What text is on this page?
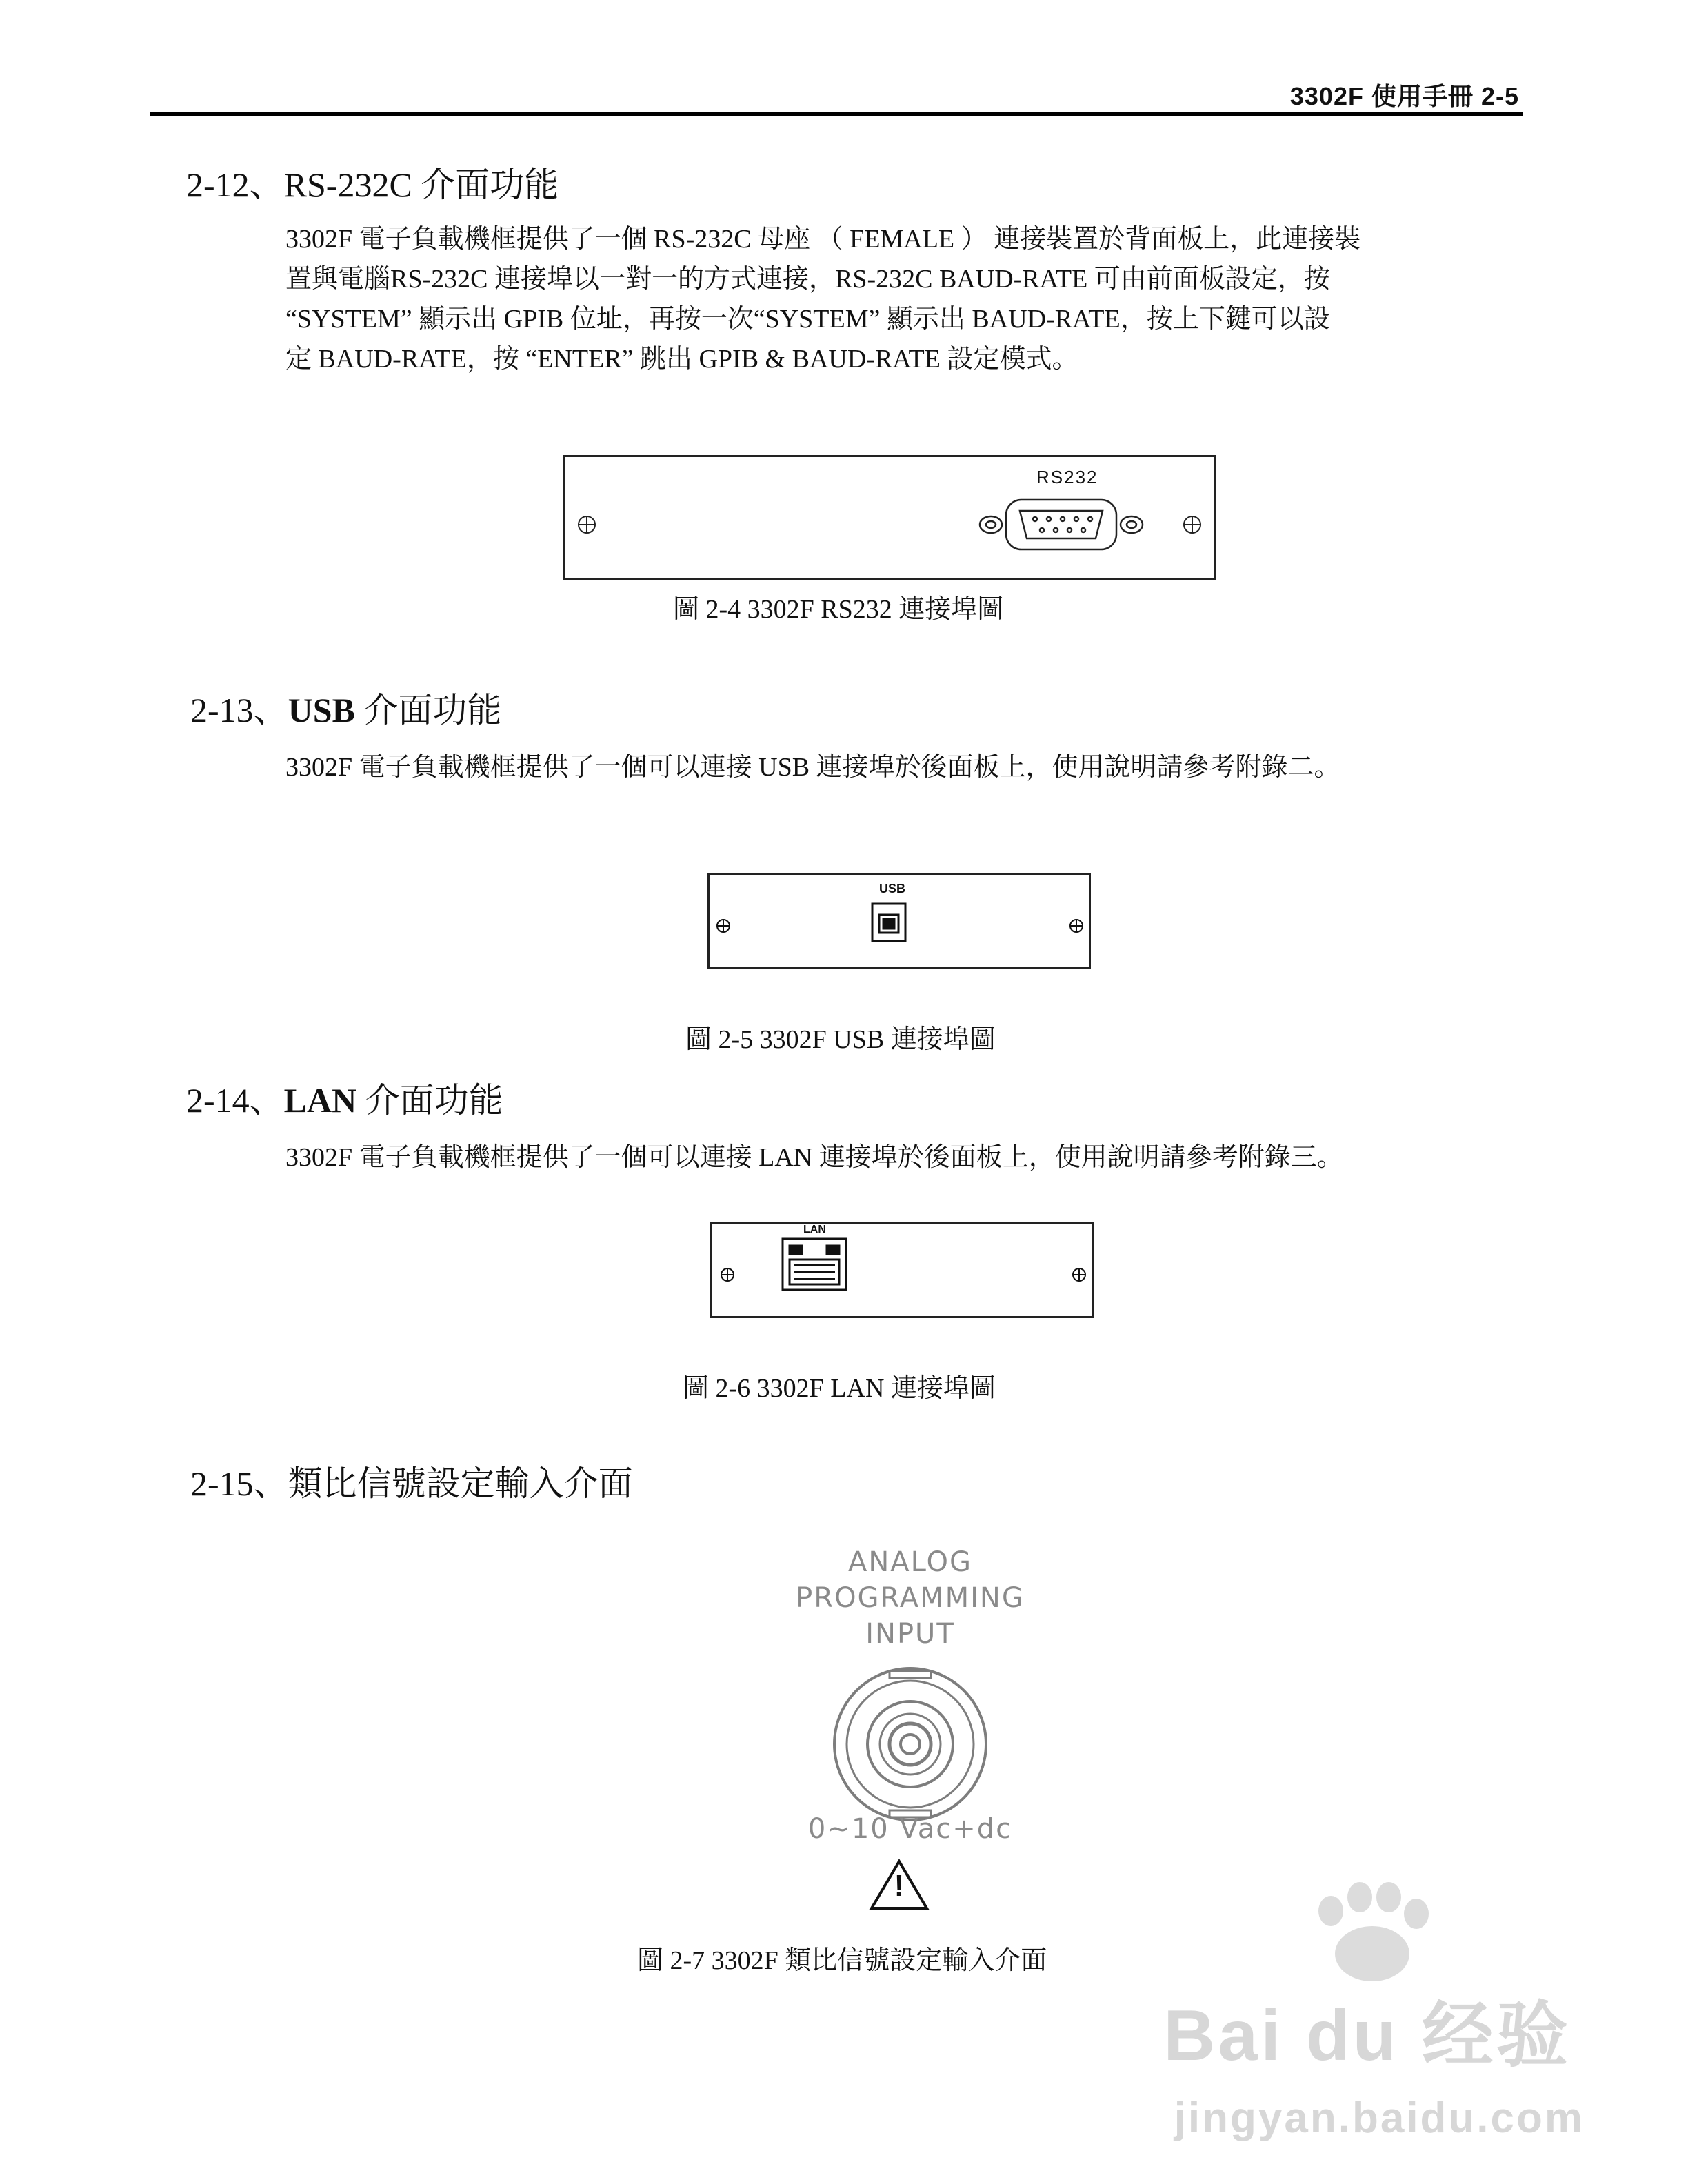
3302F 使用手冊 2-5
2-12、RS-232C 介面功能
3302F 電子負載機框提供了一個 RS-232C 母座 （ FEMALE ） 連接裝置於背面板上，此連接裝
置與電腦RS-232C 連接埠以一對一的方式連接，RS-232C BAUD-RATE 可由前面板設定，按
“SYSTEM” 顯示出 GPIB 位址，再按一次“SYSTEM” 顯示出 BAUD-RATE，按上下鍵可以設
定 BAUD-RATE，按 “ENTER” 跳出 GPIB & BAUD-RATE 設定模式。
RS232
圖 2-4 3302F RS232 連接埠圖
2-13、USB 介面功能
3302F 電子負載機框提供了一個可以連接 USB 連接埠於後面板上，使用說明請參考附錄二。
USB
圖 2-5 3302F USB 連接埠圖
2-14、LAN 介面功能
3302F 電子負載機框提供了一個可以連接 LAN 連接埠於後面板上，使用說明請參考附錄三。
LAN
圖 2-6 3302F LAN 連接埠圖
2-15、類比信號設定輸入介面
ANALOG
PROGRAMMING
INPUT
0~10 Vac+dc
!
圖 2-7 3302F 類比信號設定輸入介面
Bai du 经验
jingyan.baidu.com
